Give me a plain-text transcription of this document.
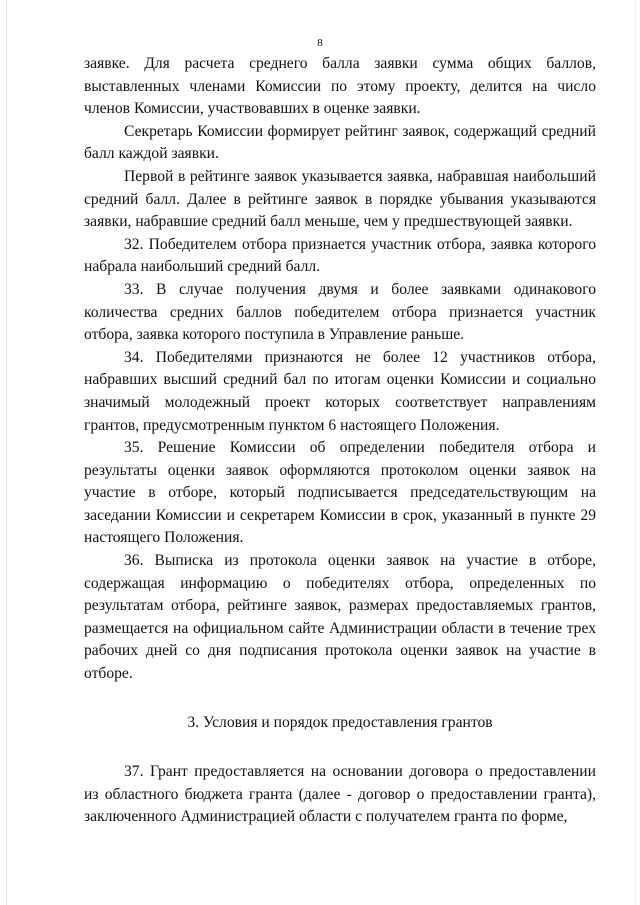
8

заявке. Для расчета среднего балла заявки сумма общих баллов, выставленных членами Комиссии по этому проекту, делится на число членов Комиссии, участвовавших в оценке заявки.

Секретарь Комиссии формирует рейтинг заявок, содержащий средний балл каждой заявки.

Первой в рейтинге заявок указывается заявка, набравшая наибольший средний балл. Далее в рейтинге заявок в порядке убывания указываются заявки, набравшие средний балл меньше, чем у предшествующей заявки.

32. Победителем отбора признается участник отбора, заявка которого набрала наибольший средний балл.

33. В случае получения двумя и более заявками одинакового количества средних баллов победителем отбора признается участник отбора, заявка которого поступила в Управление раньше.

34. Победителями признаются не более 12 участников отбора, набравших высший средний бал по итогам оценки Комиссии и социально значимый молодежный проект которых соответствует направлениям грантов, предусмотренным пунктом 6 настоящего Положения.

35. Решение Комиссии об определении победителя отбора и результаты оценки заявок оформляются протоколом оценки заявок на участие в отборе, который подписывается председательствующим на заседании Комиссии и секретарем Комиссии в срок, указанный в пункте 29 настоящего Положения.

36. Выписка из протокола оценки заявок на участие в отборе, содержащая информацию о победителях отбора, определенных по результатам отбора, рейтинге заявок, размерах предоставляемых грантов, размещается на официальном сайте Администрации области в течение трех рабочих дней со дня подписания протокола оценки заявок на участие в отборе.

3. Условия и порядок предоставления грантов

37. Грант предоставляется на основании договора о предоставлении из областного бюджета гранта (далее - договор о предоставлении гранта), заключенного Администрацией области с получателем гранта по форме,
